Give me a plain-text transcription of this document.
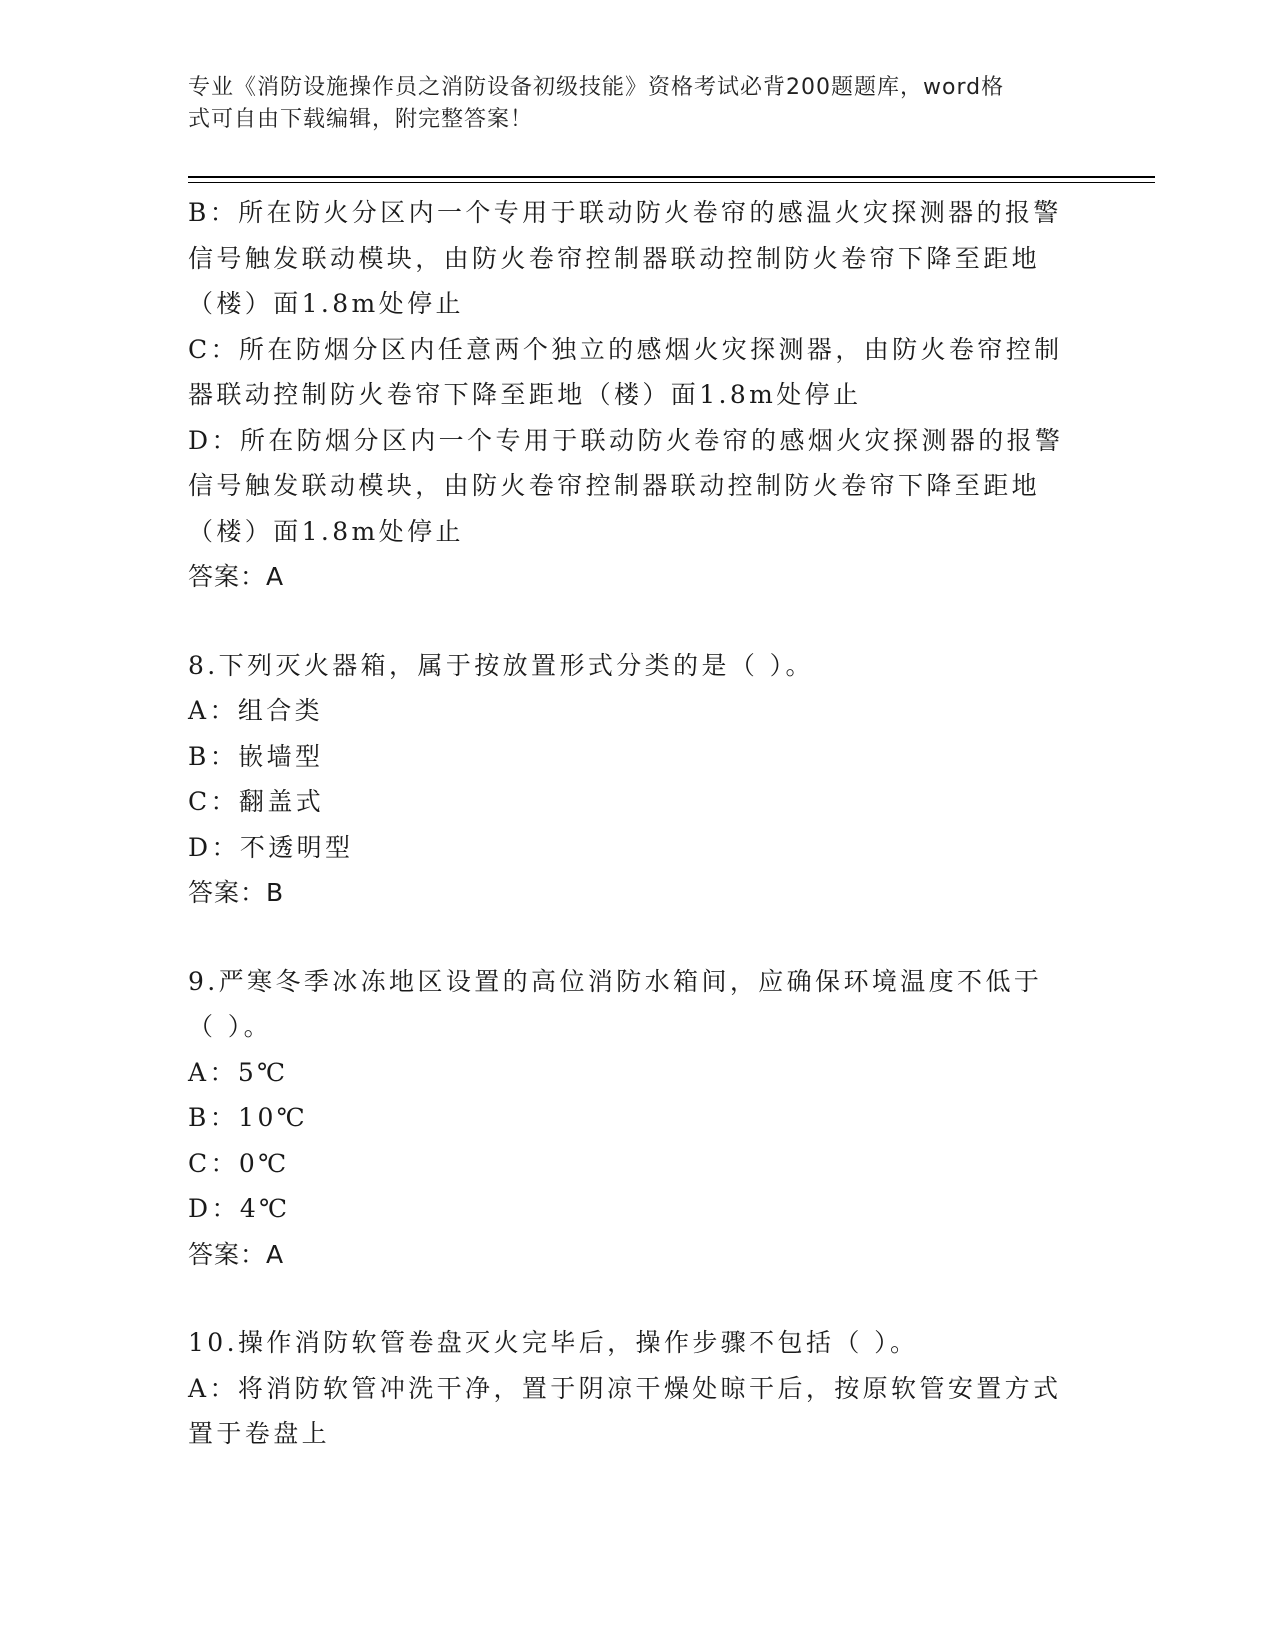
专业《消防设施操作员之消防设备初级技能》资格考试必背200题题库，word格
式可自由下载编辑，附完整答案！
B：所在防火分区内一个专用于联动防火卷帘的感温火灾探测器的报警
信号触发联动模块，由防火卷帘控制器联动控制防火卷帘下降至距地
（楼）面1.8m处停止
C：所在防烟分区内任意两个独立的感烟火灾探测器，由防火卷帘控制
器联动控制防火卷帘下降至距地（楼）面1.8m处停止
D：所在防烟分区内一个专用于联动防火卷帘的感烟火灾探测器的报警
信号触发联动模块，由防火卷帘控制器联动控制防火卷帘下降至距地
（楼）面1.8m处停止
答案：A
8.下列灭火器箱，属于按放置形式分类的是（ ）。
A：组合类
B：嵌墙型
C：翻盖式
D：不透明型
答案：B
9.严寒冬季冰冻地区设置的高位消防水箱间，应确保环境温度不低于
（ ）。
A：5℃
B：10℃
C：0℃
D：4℃
答案：A
10.操作消防软管卷盘灭火完毕后，操作步骤不包括（ ）。
A：将消防软管冲洗干净，置于阴凉干燥处晾干后，按原软管安置方式
置于卷盘上
